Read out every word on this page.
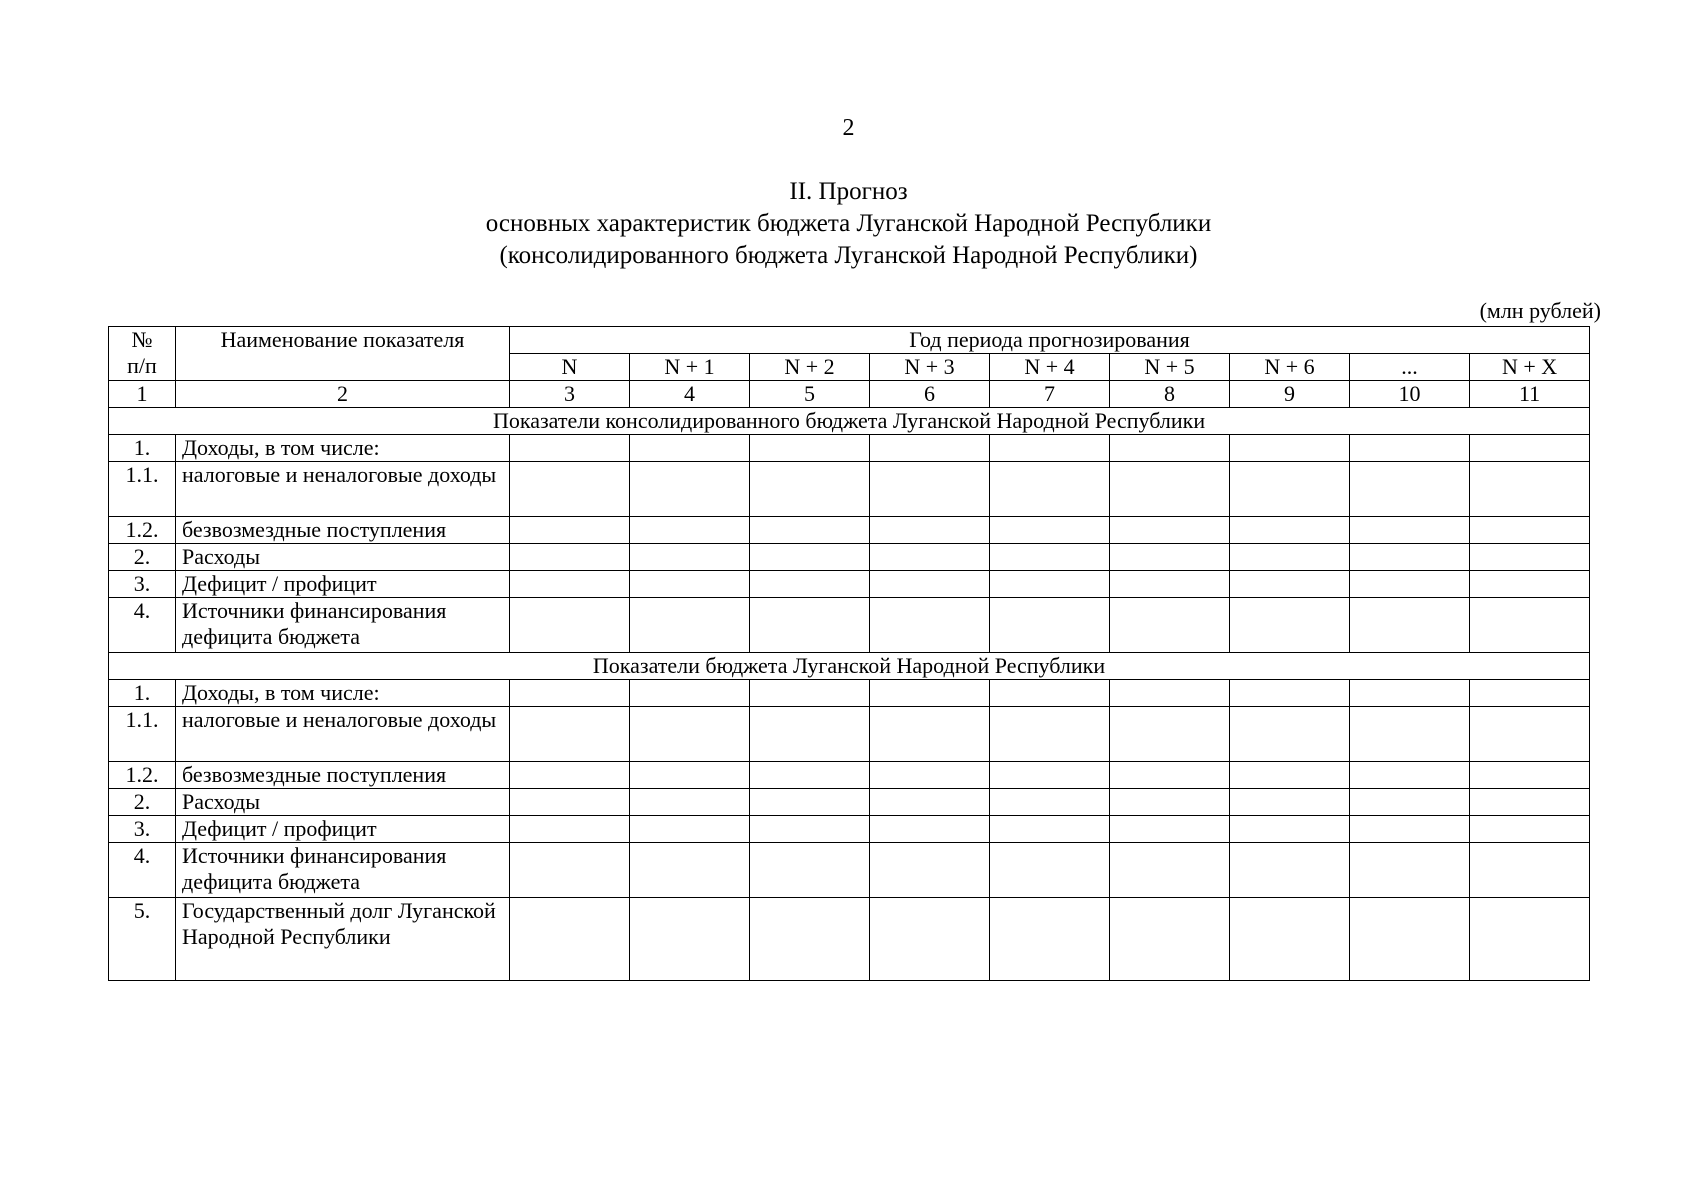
2
II. Прогноз
основных характеристик бюджета Луганской Народной Республики
(консолидированного бюджета Луганской Народной Республики)
(млн рублей)
№
п/п	Наименование показателя	Год периода прогнозирования								
		N	N + 1	N + 2	N + 3	N + 4	N + 5	N + 6	...	N + X
1	2	3	4	5	6	7	8	9	10	11
Показатели консолидированного бюджета Луганской Народной Республики										
1.	Доходы, в том числе:									
1.1.	налоговые и неналоговые доходы									
1.2.	безвозмездные поступления									
2.	Расходы									
3.	Дефицит / профицит									
4.	Источники финансирования дефицита бюджета									
Показатели бюджета Луганской Народной Республики										
1.	Доходы, в том числе:									
1.1.	налоговые и неналоговые доходы									
1.2.	безвозмездные поступления									
2.	Расходы									
3.	Дефицит / профицит									
4.	Источники финансирования дефицита бюджета									
5.	Государственный долг Луганской Народной Республики									
